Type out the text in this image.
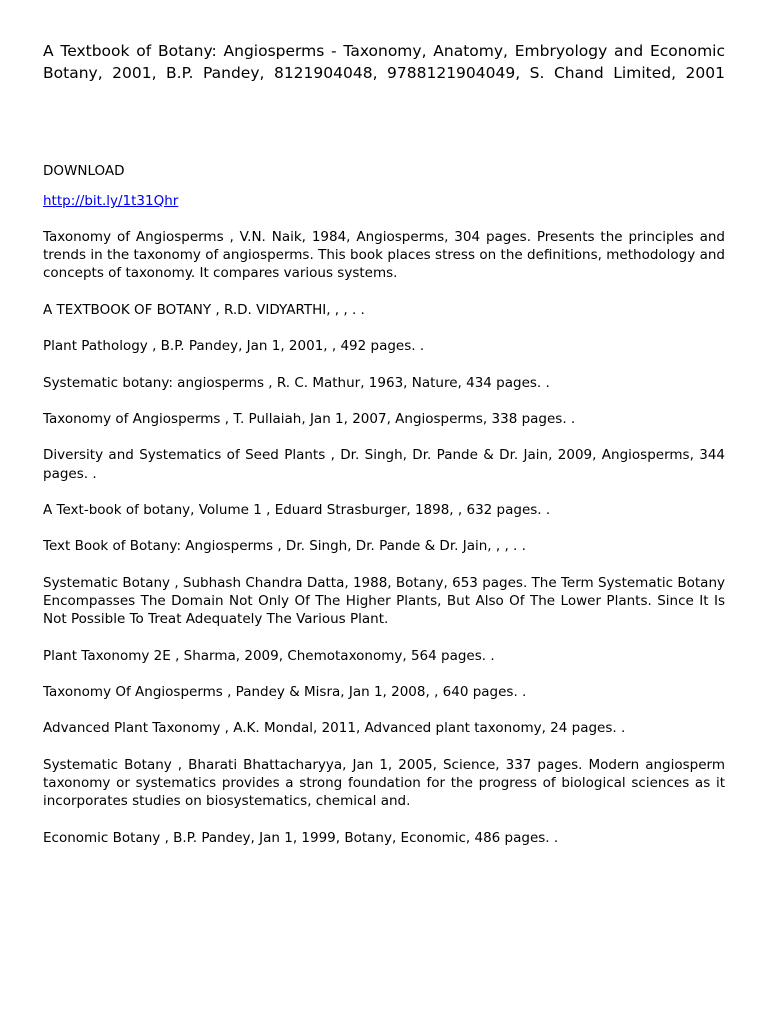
A Textbook of Botany: Angiosperms - Taxonomy, Anatomy, Embryology and Economic Botany, 2001, B.P. Pandey, 8121904048, 9788121904049, S. Chand Limited, 2001

DOWNLOAD

http://bit.ly/1t31Qhr

Taxonomy of Angiosperms , V.N. Naik, 1984, Angiosperms, 304 pages. Presents the principles and trends in the taxonomy of angiosperms. This book places stress on the definitions, methodology and concepts of taxonomy. It compares various systems.

A TEXTBOOK OF BOTANY , R.D. VIDYARTHI, , , . .

Plant Pathology , B.P. Pandey, Jan 1, 2001, , 492 pages. .

Systematic botany: angiosperms , R. C. Mathur, 1963, Nature, 434 pages. .

Taxonomy of Angiosperms , T. Pullaiah, Jan 1, 2007, Angiosperms, 338 pages. .

Diversity and Systematics of Seed Plants , Dr. Singh, Dr. Pande & Dr. Jain, 2009, Angiosperms, 344 pages. .

A Text-book of botany, Volume 1 , Eduard Strasburger, 1898, , 632 pages. .

Text Book of Botany: Angiosperms , Dr. Singh, Dr. Pande & Dr. Jain, , , . .

Systematic Botany , Subhash Chandra Datta, 1988, Botany, 653 pages. The Term Systematic Botany Encompasses The Domain Not Only Of The Higher Plants, But Also Of The Lower Plants. Since It Is Not Possible To Treat Adequately The Various Plant.

Plant Taxonomy 2E , Sharma, 2009, Chemotaxonomy, 564 pages. .

Taxonomy Of Angiosperms , Pandey & Misra, Jan 1, 2008, , 640 pages. .

Advanced Plant Taxonomy , A.K. Mondal, 2011, Advanced plant taxonomy, 24 pages. .

Systematic Botany , Bharati Bhattacharyya, Jan 1, 2005, Science, 337 pages. Modern angiosperm taxonomy or systematics provides a strong foundation for the progress of biological sciences as it incorporates studies on biosystematics, chemical and.

Economic Botany , B.P. Pandey, Jan 1, 1999, Botany, Economic, 486 pages. .
